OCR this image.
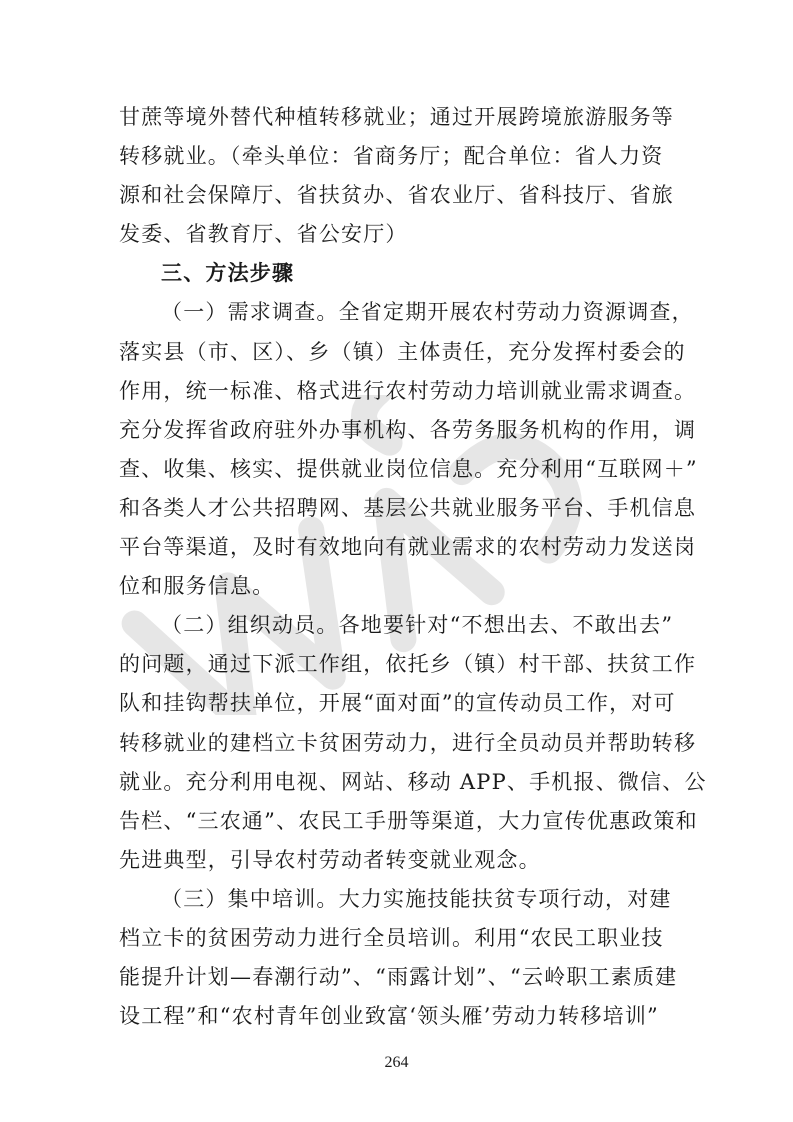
甘蔗等境外替代种植转移就业；通过开展跨境旅游服务等
转移就业。（牵头单位：省商务厅；配合单位：省人力资
源和社会保障厅、省扶贫办、省农业厅、省科技厅、省旅
发委、省教育厅、省公安厅）
三、方法步骤
（一）需求调查。全省定期开展农村劳动力资源调查，
落实县（市、区）、乡（镇）主体责任，充分发挥村委会的
作用，统一标准、格式进行农村劳动力培训就业需求调查。
充分发挥省政府驻外办事机构、各劳务服务机构的作用，调
查、收集、核实、提供就业岗位信息。充分利用“互联网＋”
和各类人才公共招聘网、基层公共就业服务平台、手机信息
平台等渠道，及时有效地向有就业需求的农村劳动力发送岗
位和服务信息。
（二）组织动员。各地要针对“不想出去、不敢出去”
的问题，通过下派工作组，依托乡（镇）村干部、扶贫工作
队和挂钩帮扶单位，开展“面对面”的宣传动员工作，对可
转移就业的建档立卡贫困劳动力，进行全员动员并帮助转移
就业。充分利用电视、网站、移动 APP、手机报、微信、公
告栏、“三农通”、农民工手册等渠道，大力宣传优惠政策和
先进典型，引导农村劳动者转变就业观念。
（三）集中培训。大力实施技能扶贫专项行动，对建
档立卡的贫困劳动力进行全员培训。利用“农民工职业技
能提升计划—春潮行动”、“雨露计划”、“云岭职工素质建
设工程”和“农村青年创业致富‘领头雁’劳动力转移培训”
264
